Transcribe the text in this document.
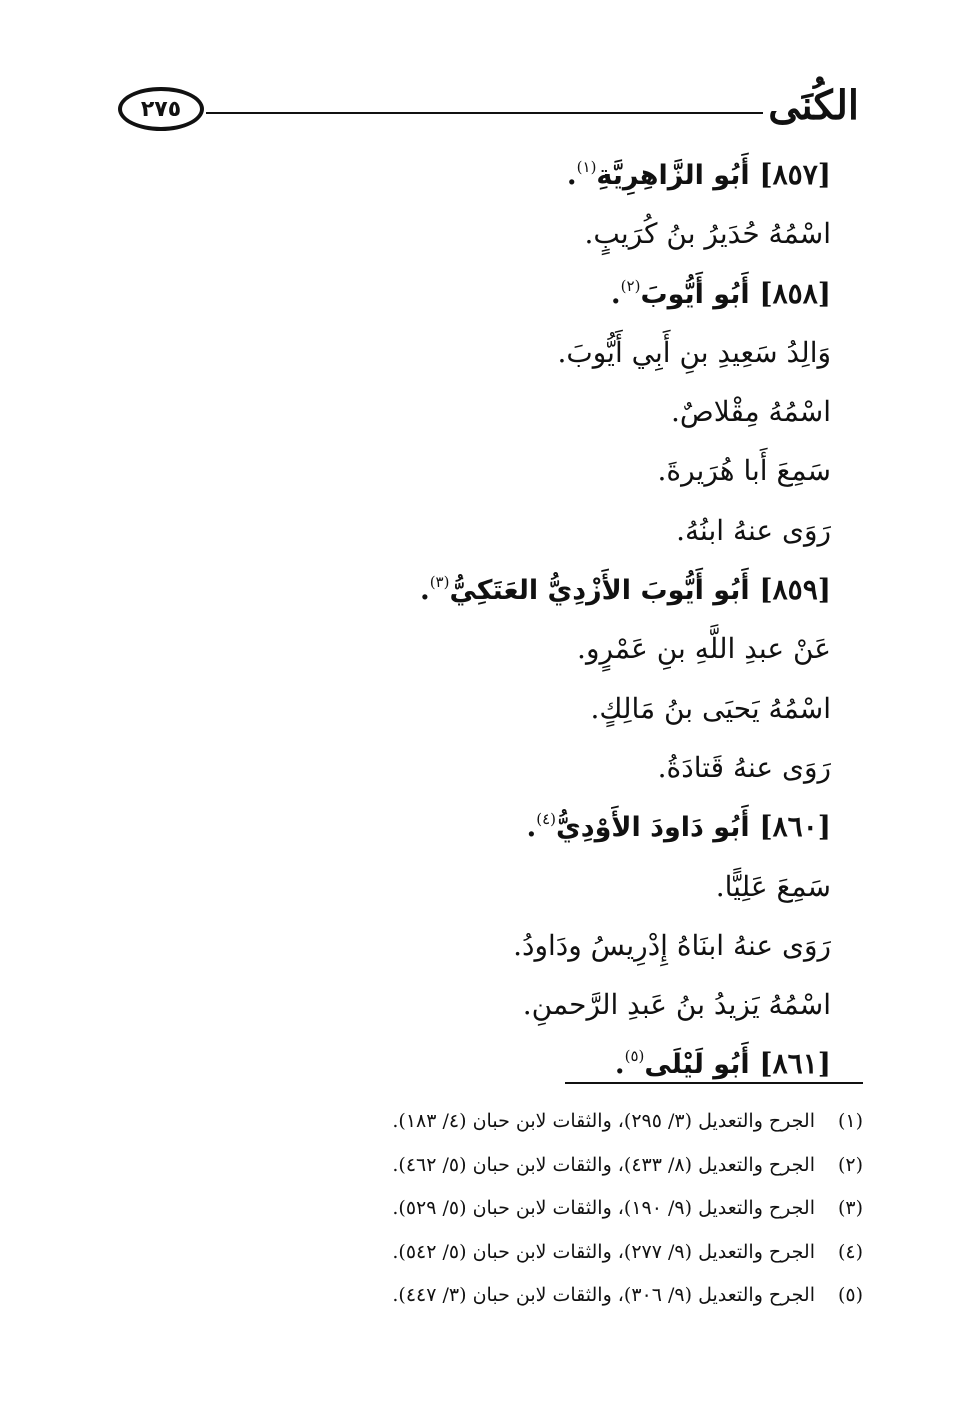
الكُنَى
٢٧٥
[٨٥٧] أَبُو الزَّاهِرِيَّةِ$^{(١)}$.
اسْمُهُ حُدَيرُ بنُ كُرَيبٍ.
[٨٥٨] أَبُو أَيُّوبَ$^{(٢)}$.
وَالِدُ سَعِيدِ بنِ أَبِي أَيُّوبَ.
اسْمُهُ مِقْلاصٌ.
سَمِعَ أَبا هُرَيرةَ.
رَوَى عنهُ ابنُهُ.
[٨٥٩] أَبُو أَيُّوبَ الأَزْدِيُّ العَتَكِيُّ$^{(٣)}$.
عَنْ عبدِ اللَّهِ بنِ عَمْرٍو.
اسْمُهُ يَحيَى بنُ مَالِكٍ.
رَوَى عنهُ قَتادَةُ.
[٨٦٠] أَبُو دَاودَ الأَوْدِيُّ$^{(٤)}$.
سَمِعَ عَلِيًّا.
رَوَى عنهُ ابنَاهُ إِدْرِيسُ ودَاودُ.
اسْمُهُ يَزيدُ بنُ عَبدِ الرَّحمنِ.
[٨٦١] أَبُو لَيْلَى$^{(٥)}$.
(١)الجرح والتعديل (٣/ ٢٩٥)، والثقات لابن حبان (٤/ ١٨٣).
(٢)الجرح والتعديل (٨/ ٤٣٣)، والثقات لابن حبان (٥/ ٤٦٢).
(٣)الجرح والتعديل (٩/ ١٩٠)، والثقات لابن حبان (٥/ ٥٢٩).
(٤)الجرح والتعديل (٩/ ٢٧٧)، والثقات لابن حبان (٥/ ٥٤٢).
(٥)الجرح والتعديل (٩/ ٣٠٦)، والثقات لابن حبان (٣/ ٤٤٧).
